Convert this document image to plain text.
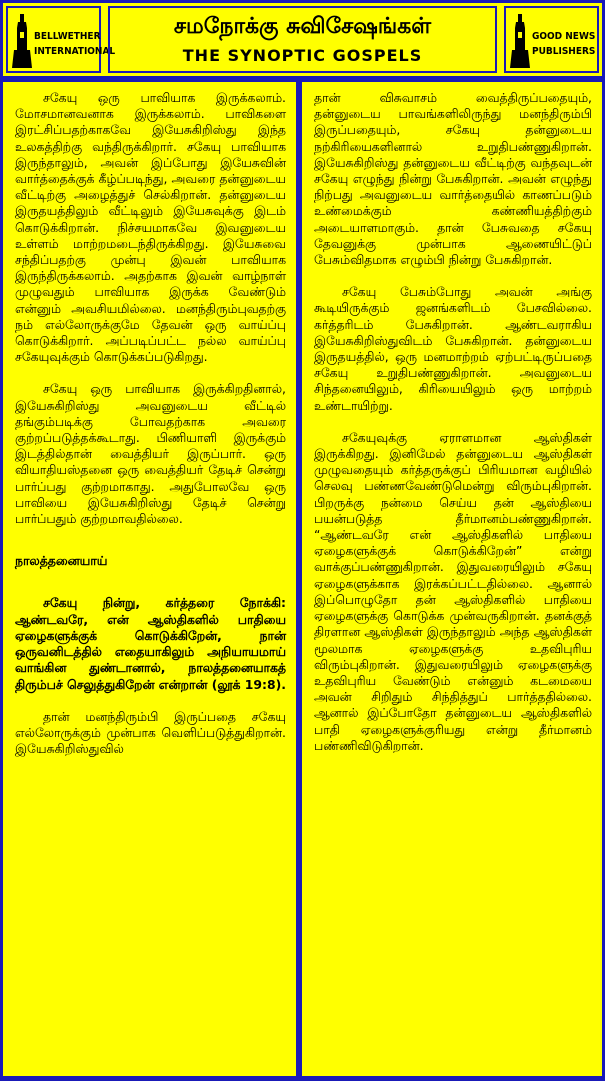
BELLWETHER
INTERNATIONAL
சமநோக்கு சுவிசேஷங்கள்
THE SYNOPTIC GOSPELS
GOOD NEWS
PUBLISHERS

சகேயு ஒரு பாவியாக இருக்கலாம். மோசமானவனாக இருக்கலாம். பாவிகளை இரட்சிப்பதற்காகவே இயேசுகிறிஸ்து இந்த உலகத்திற்கு வந்திருக்கிறார். சகேயு பாவியாக இருந்தாலும், அவன் இப்போது இயேசுவின் வார்த்தைக்குக் கீழ்ப்படிந்து, அவரை தன்னுடைய வீட்டிற்கு அழைத்துச் செல்கிறான். தன்னுடைய இருதயத்திலும் வீட்டிலும் இயேசுவுக்கு இடம் கொடுக்கிறான். நிச்சயமாகவே இவனுடைய உள்ளம் மாற்றமடைந்திருக்கிறது. இயேசுவை சந்திப்பதற்கு முன்பு இவன் பாவியாக இருந்திருக்கலாம். அதற்காக இவன் வாழ்நாள் முழுவதும் பாவியாக இருக்க வேண்டும் என்னும் அவசியமில்லை. மனந்திரும்புவதற்கு நம் எல்லோருக்குமே தேவன் ஒரு வாய்ப்பு கொடுக்கிறார். அப்படிப்பட்ட நல்ல வாய்ப்பு சகேயுவுக்கும் கொடுக்கப்படுகிறது.

சகேயு ஒரு பாவியாக இருக்கிறதினால், இயேசுகிறிஸ்து அவனுடைய வீட்டில் தங்கும்படிக்கு போவதற்காக அவரை குற்றப்படுத்தக்கூடாது. பிணியாளி இருக்கும் இடத்தில்தான் வைத்தியர் இருப்பார். ஒரு வியாதியஸ்தனை ஒரு வைத்தியர் தேடிச் சென்று பார்ப்பது குற்றமாகாது. அதுபோலவே ஒரு பாவியை இயேசுகிறிஸ்து தேடிச் சென்று பார்ப்பதும் குற்றமாவதில்லை.

நாலத்தனையாய்

சகேயு நின்று, கர்த்தரை நோக்கி: ஆண்டவரே, என் ஆஸ்திகளில் பாதியை ஏழைகளுக்குக் கொடுக்கிறேன், நான் ஒருவனிடத்தில் எதையாகிலும் அநியாயமாய் வாங்கின துண்டானால், நாலத்தனையாகத் திரும்பச் செலுத்துகிறேன் என்றான் (லூக் 19:8).

தான் மனந்திரும்பி இருப்பதை சகேயு எல்லோருக்கும் முன்பாக வெளிப்படுத்துகிறான். இயேசுகிறிஸ்துவில்

தான் விசுவாசம் வைத்திருப்பதையும், தன்னுடைய பாவங்களிலிருந்து மனந்திரும்பி இருப்பதையும், சகேயு தன்னுடைய நற்கிரியைகளினால் உறுதிபண்ணுகிறான். இயேசுகிறிஸ்து தன்னுடைய வீட்டிற்கு வந்தவுடன் சகேயு எழுந்து நின்று பேசுகிறான். அவன் எழுந்து நிற்பது அவனுடைய வார்த்தையில் காணப்படும் உண்மைக்கும் கண்ணியத்திற்கும் அடையாளமாகும். தான் பேசுவதை சகேயு தேவனுக்கு முன்பாக ஆணையிட்டுப் பேசும்விதமாக எழும்பி நின்று பேசுகிறான்.

சகேயு பேசும்போது அவன் அங்கு கூடியிருக்கும் ஜனங்களிடம் பேசவில்லை. கர்த்தரிடம் பேசுகிறான். ஆண்டவராகிய இயேசுகிறிஸ்துவிடம் பேசுகிறான். தன்னுடைய இருதயத்தில், ஒரு மனமாற்றம் ஏற்பட்டிருப்பதை சகேயு உறுதிபண்ணுகிறான். அவனுடைய சிந்தனையிலும், கிரியையிலும் ஒரு மாற்றம் உண்டாயிற்று.

சகேயுவுக்கு ஏராளமான ஆஸ்திகள் இருக்கிறது. இனிமேல் தன்னுடைய ஆஸ்திகள் முழுவதையும் கர்த்தருக்குப் பிரியமான வழியில் செலவு பண்ணவேண்டுமென்று விரும்புகிறான். பிறருக்கு நன்மை செய்ய தன் ஆஸ்தியை பயன்படுத்த தீர்மானம்பண்ணுகிறான். “ஆண்டவரே என் ஆஸ்திகளில் பாதியை ஏழைகளுக்குக் கொடுக்கிறேன்” என்று வாக்குப்பண்ணுகிறான். இதுவரையிலும் சகேயு ஏழைகளுக்காக இரக்கப்பட்டதில்லை. ஆனால் இப்பொழுதோ தன் ஆஸ்திகளில் பாதியை ஏழைகளுக்கு கொடுக்க முன்வருகிறான். தனக்குத் திரளான ஆஸ்திகள் இருந்தாலும் அந்த ஆஸ்திகள் மூலமாக ஏழைகளுக்கு உதவிபுரிய விரும்புகிறான். இதுவரையிலும் ஏழைகளுக்கு உதவிபுரிய வேண்டும் என்னும் கடமையை அவன் சிறிதும் சிந்தித்துப் பார்த்ததில்லை. ஆனால் இப்போதோ தன்னுடைய ஆஸ்திகளில் பாதி ஏழைகளுக்குரியது என்று தீர்மானம் பண்ணிவிடுகிறான்.
